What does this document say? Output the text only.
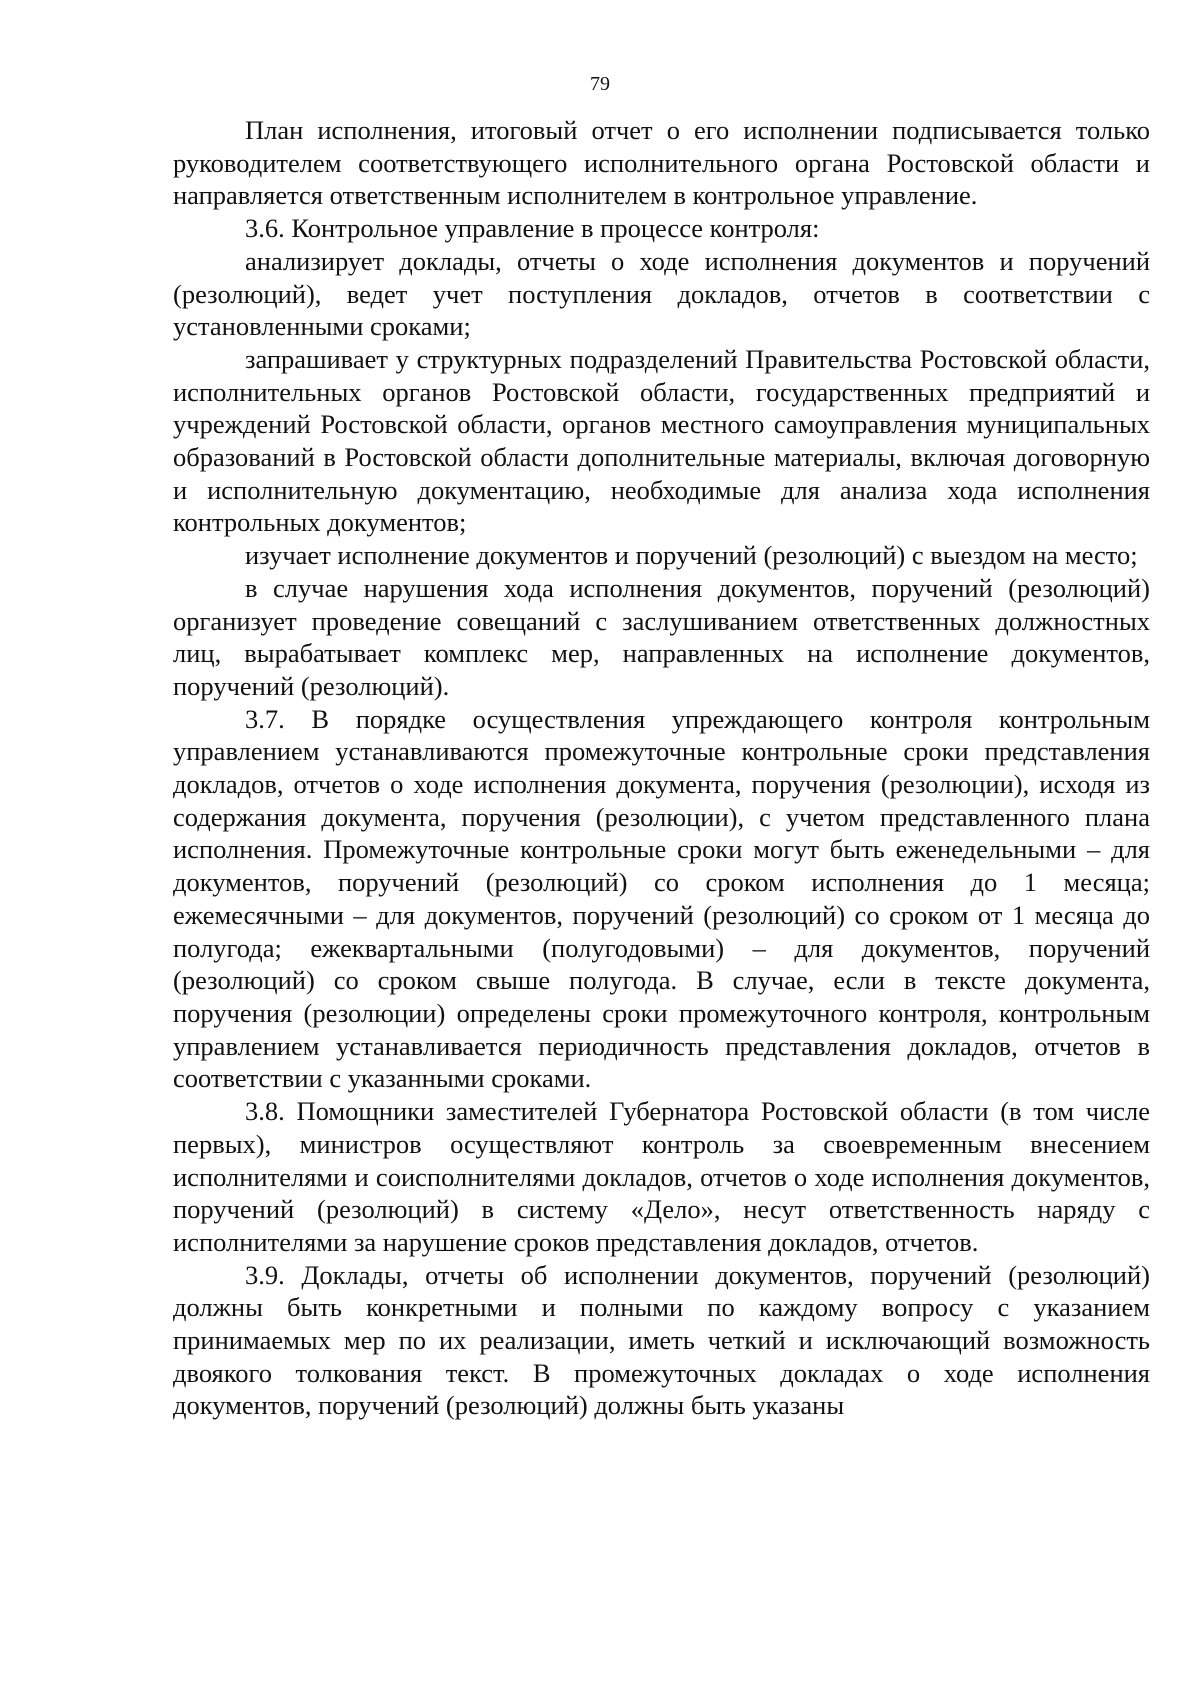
79

План исполнения, итоговый отчет о его исполнении подписывается только руководителем соответствующего исполнительного органа Ростовской области и направляется ответственным исполнителем в контрольное управление.

3.6. Контрольное управление в процессе контроля:

анализирует доклады, отчеты о ходе исполнения документов и поручений (резолюций), ведет учет поступления докладов, отчетов в соответствии с установленными сроками;

запрашивает у структурных подразделений Правительства Ростовской области, исполнительных органов Ростовской области, государственных предприятий и учреждений Ростовской области, органов местного самоуправления муниципальных образований в Ростовской области дополнительные материалы, включая договорную и исполнительную документацию, необходимые для анализа хода исполнения контрольных документов;

изучает исполнение документов и поручений (резолюций) с выездом на место;

в случае нарушения хода исполнения документов, поручений (резолюций) организует проведение совещаний с заслушиванием ответственных должностных лиц, вырабатывает комплекс мер, направленных на исполнение документов, поручений (резолюций).

3.7. В порядке осуществления упреждающего контроля контрольным управлением устанавливаются промежуточные контрольные сроки представления докладов, отчетов о ходе исполнения документа, поручения (резолюции), исходя из содержания документа, поручения (резолюции), с учетом представленного плана исполнения. Промежуточные контрольные сроки могут быть еженедельными – для документов, поручений (резолюций) со сроком исполнения до 1 месяца; ежемесячными – для документов, поручений (резолюций) со сроком от 1 месяца до полугода; ежеквартальными (полугодовыми) – для документов, поручений (резолюций) со сроком свыше полугода. В случае, если в тексте документа, поручения (резолюции) определены сроки промежуточного контроля, контрольным управлением устанавливается периодичность представления докладов, отчетов в соответствии с указанными сроками.

3.8. Помощники заместителей Губернатора Ростовской области (в том числе первых), министров осуществляют контроль за своевременным внесением исполнителями и соисполнителями докладов, отчетов о ходе исполнения документов, поручений (резолюций) в систему «Дело», несут ответственность наряду с исполнителями за нарушение сроков представления докладов, отчетов.

3.9. Доклады, отчеты об исполнении документов, поручений (резолюций) должны быть конкретными и полными по каждому вопросу с указанием принимаемых мер по их реализации, иметь четкий и исключающий возможность двоякого толкования текст. В промежуточных докладах о ходе исполнения документов, поручений (резолюций) должны быть указаны
